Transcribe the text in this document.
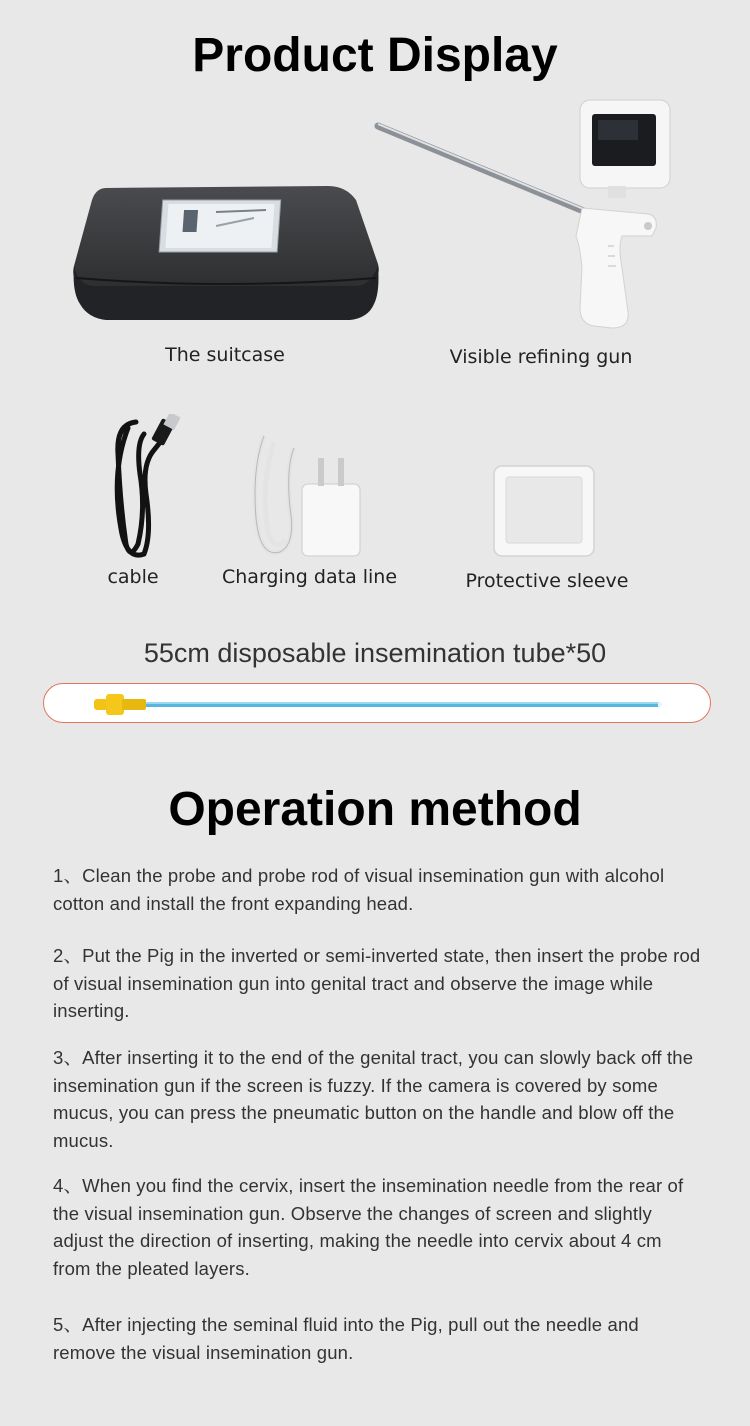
Product Display
The suitcase	Visible refining gun
cable	Charging data line	Protective sleeve
55cm disposable insemination tube*50
Operation method
1、Clean the probe and probe rod of visual insemination gun with alcohol cotton and install the front expanding head.
2、Put the Pig in the inverted or semi-inverted state, then insert the probe rod of visual insemination gun into genital tract and observe the image while inserting.
3、After inserting it to the end of the genital tract, you can slowly back off the insemination gun if the screen is fuzzy. If the camera is covered by some mucus, you can press the pneumatic button on the handle and blow off the mucus.
4、When you find the cervix, insert the insemination needle from the rear of the visual insemination gun. Observe the changes of screen and slightly adjust the direction of inserting, making the needle into cervix about 4 cm from the pleated layers.
5、After injecting the seminal fluid into the Pig, pull out the needle and remove the visual insemination gun.
